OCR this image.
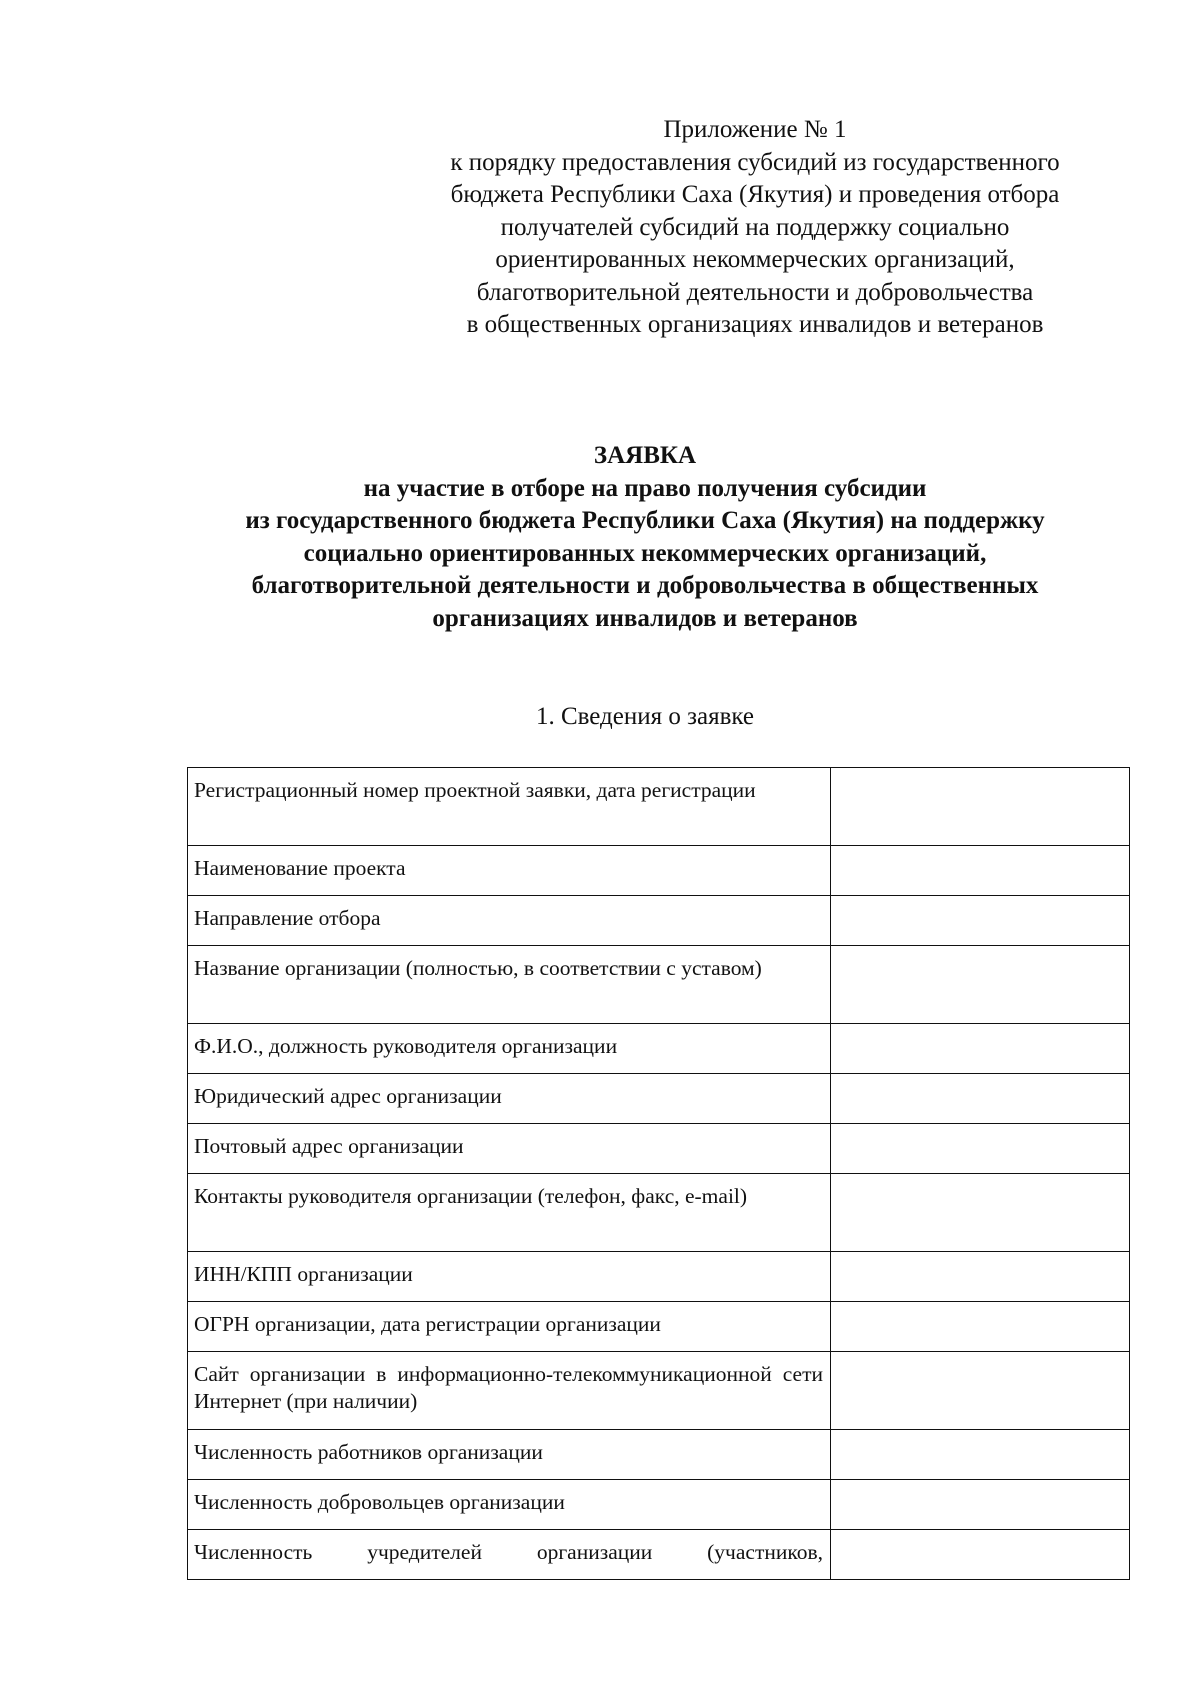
Приложение № 1
к порядку предоставления субсидий из государственного
бюджета Республики Саха (Якутия) и проведения отбора
получателей субсидий на поддержку социально
ориентированных некоммерческих организаций,
благотворительной деятельности и добровольчества
в общественных организациях инвалидов и ветеранов
ЗАЯВКА
на участие в отборе на право получения субсидии
из государственного бюджета Республики Саха (Якутия) на поддержку
социально ориентированных некоммерческих организаций,
благотворительной деятельности и добровольчества в общественных
организациях инвалидов и ветеранов
1. Сведения о заявке
Регистрационный номер проектной заявки, дата регистрации	

Наименование проекта	

Направление отбора	

Название организации (полностью, в соответствии с уставом)	

Ф.И.О., должность руководителя организации	

Юридический адрес организации	

Почтовый адрес организации	

Контакты руководителя организации (телефон, факс, e-mail)	

ИНН/КПП организации	

ОГРН организации, дата регистрации организации	

Сайт организации в информационно-телекоммуникационной сети Интернет (при наличии)	

Численность работников организации	

Численность добровольцев организации	

Численность учредителей организации (участников,	
